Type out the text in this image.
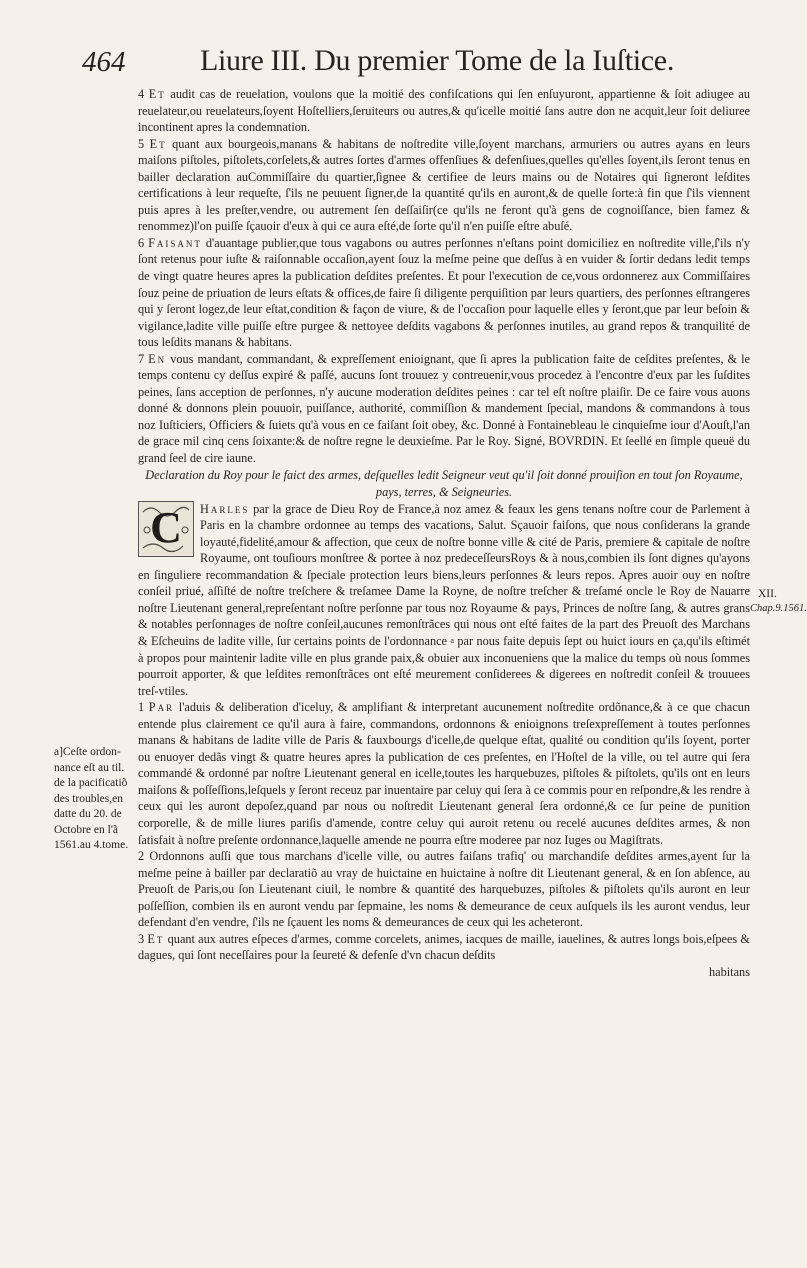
464 Liure III. Du premier Tome de la Iuſtice.

4 Et audit cas de reuelation, voulons que la moitié des confiſcations qui ſen enſuyuront, appartienne & ſoit adiugee au reuelateur,ou reuelateurs,ſoyent Hoſtelliers,ſeruiteurs ou autres,& qu'icelle moitié ſans autre don ne acquit,leur ſoit deliuree incontinent apres la condemnation.

5 Et quant aux bourgeois,manans & habitans de noſtredite ville,ſoyent marchans, armuriers ou autres ayans en leurs maiſons piſtoles, piſtolets,corſelets,& autres ſortes d'armes offenſiues & defenſiues,quelles qu'elles ſoyent,ils ſeront tenus en bailler declaration auCommiſſaire du quartier,ſignee & certifiee de leurs mains ou de Notaires qui ſigneront leſdites certifications à leur requeſte, ſ'ils ne peuuent ſigner,de la quantité qu'ils en auront,& de quelle ſorte:à fin que ſ'ils viennent puis apres à les preſter,vendre, ou autrement ſen deſſaiſir(ce qu'ils ne feront qu'à gens de cognoiſſance, bien famez & renommez)l'on puiſſe ſçauoir d'eux à qui ce aura eſté,de ſorte qu'il n'en puiſſe eſtre abuſé.

6 Faisant d'auantage publier,que tous vagabons ou autres perſonnes n'eſtans point domiciliez en noſtredite ville,ſ'ils n'y ſont retenus pour iuſte & raiſonnable occaſion,ayent ſouz la meſme peine que deſſus à en vuider & ſortir dedans ledit temps de vingt quatre heures apres la publication deſdites preſentes. Et pour l'execution de ce,vous ordonnerez aux Commiſſaires ſouz peine de priuation de leurs eſtats & offices,de faire ſi diligente perquiſition par leurs quartiers, des perſonnes eſtrangeres qui y ſeront logez,de leur eſtat,condition & façon de viure, & de l'occaſion pour laquelle elles y ſeront,que par leur beſoin & vigilance,ladite ville puiſſe eſtre purgee & nettoyee deſdits vagabons & perſonnes inutiles, au grand repos & tranquilité de tous leſdits manans & habitans.

7 En vous mandant, commandant, & expreſſement enioignant, que ſi apres la publication faite de ceſdites preſentes, & le temps contenu cy deſſus expiré & paſſé, aucuns ſont trouuez y contreuenir,vous procedez à l'encontre d'eux par les ſuſdites peines, ſans acception de perſonnes, n'y aucune moderation deſdites peines : car tel eſt noſtre plaiſir. De ce faire vous auons donné & donnons plein pouuoir, puiſſance, authorité, commiſſion & mandement ſpecial, mandons & commandons à tous noz Iuſticiers, Officiers & ſuiets qu'à vous en ce faiſant ſoit obey, &c. Donné à Fontainebleau le cinquieſme iour d'Aouſt,l'an de grace mil cinq cens ſoixante:& de noſtre regne le deuxieſme. Par le Roy. Signé, BOVRDIN. Et ſeellé en ſimple queuë du grand ſeel de cire iaune.

Declaration du Roy pour le faict des armes, deſquelles ledit Seigneur veut qu'il ſoit donné prouiſion en tout ſon Royaume, pays, terres, & Seigneuries.

C	Harles par la grace de Dieu Roy de France,à noz amez & feaux les gens tenans noſtre cour de Parlement à Paris en la chambre ordonnee au temps des vacations, Salut. Sçauoir faiſons, que nous conſiderans la grande loyauté,fidelité,amour & affection, que ceux de noſtre bonne ville & cité de Paris, premiere & capitale de noſtre Royaume, ont touſiours monſtree & portee à noz predeceſſeursRoys & à nous,combien ils ſont dignes qu'ayons en ſinguliere recommandation & ſpeciale protection leurs biens,leurs perſonnes & leurs repos. Apres auoir ouy en noſtre conſeil priué, aſſiſté de noſtre treſchere & treſamee Dame la Royne, de noſtre treſcher & treſamé oncle le Roy de Nauarre noſtre Lieutenant general,repreſentant noſtre perſonne par tous noz Royaume & pays, Princes de noſtre ſang, & autres grans & notables perſonnages de noſtre conſeil,aucunes remonſtrãces qui nous ont eſté faites de la part des Preuoſt des Marchans & Eſcheuins de ladite ville, ſur certains points de l'ordonnance $^a$ par nous faite depuis ſept ou huict iours en ça,qu'ils eſtimét à propos pour maintenir ladite ville en plus grande paix,& obuier aux inconueniens que la malice du temps où nous ſommes pourroit apporter, & que leſdites remonſtrãces ont eſté meurement conſiderees & digerees en noſtredit conſeil & trouuees treſ-vtiles.

1 Par l'aduis & deliberation d'iceluy, & amplifiant & interpretant aucunement noſtredite ordõnance,& à ce que chacun entende plus clairement ce qu'il aura à faire, commandons, ordonnons & enioignons treſexpreſſement à toutes perſonnes manans & habitans de ladite ville de Paris & fauxbourgs d'icelle,de quelque eſtat, qualité ou condition qu'ils ſoyent, porter ou enuoyer dedãs vingt & quatre heures apres la publication de ces preſentes, en l'Hoſtel de la ville, ou tel autre qui ſera commandé & ordonné par noſtre Lieutenant general en icelle,toutes les harquebuzes, piſtoles & piſtolets, qu'ils ont en leurs maiſons & poſſeſſions,leſquels y ſeront receuz par inuentaire par celuy qui ſera à ce commis pour en reſpondre,& les rendre à ceux qui les auront depoſez,quand par nous ou noſtredit Lieutenant general ſera ordonné,& ce ſur peine de punition corporelle, & de mille liures pariſis d'amende, contre celuy qui auroit retenu ou recelé aucunes deſdites armes, & non ſatisfait à noſtre preſente ordonnance,laquelle amende ne pourra eſtre moderee par noz Iuges ou Magiſtrats.

2 Ordonnons auſſi que tous marchans d'icelle ville, ou autres faiſans trafiq' ou marchandiſe deſdites armes,ayent ſur la meſme peine à bailler par declaratiõ au vray de huictaine en huictaine à noſtre dit Lieutenant general, & en ſon abſence, au Preuoſt de Paris,ou ſon Lieutenant ciuil, le nombre & quantité des harquebuzes, piſtoles & piſtolets qu'ils auront en leur poſſeſſion, combien ils en auront vendu par ſepmaine, les noms & demeurance de ceux auſquels ils les auront vendus, leur defendant d'en vendre, ſ'ils ne ſçauent les noms & demeurances de ceux qui les acheteront.

3 Et quant aux autres eſpeces d'armes, comme corcelets, animes, iacques de maille, iauelines, & autres longs bois,eſpees & dagues, qui ſont neceſſaires pour la ſeureté & defenſe d'vn chacun deſdits

habitans

XII.
Chap.9.1561.
a]Ceſte ordon-
nance eſt au til.
de la pacificatiõ
des troubles,en
datte du 20. de
Octobre en l'ã
1561.au 4.tome.
